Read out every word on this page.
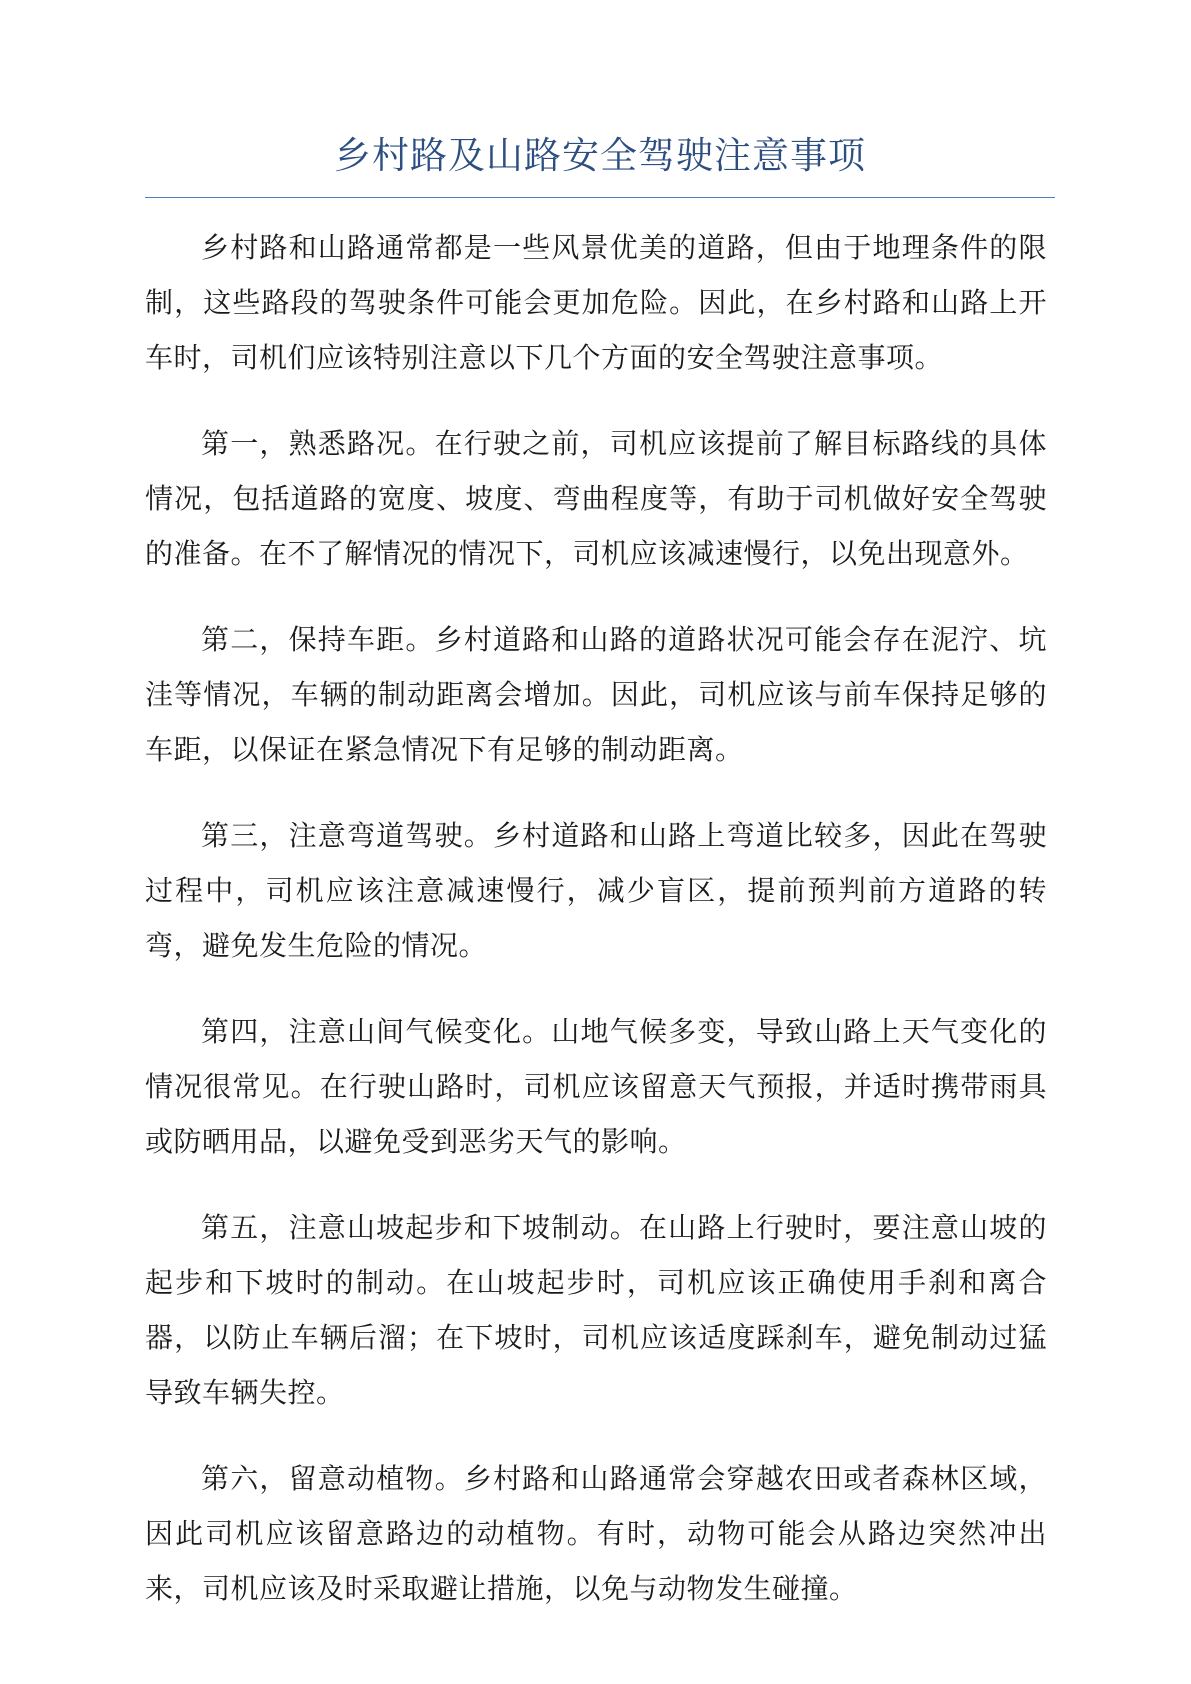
乡村路及山路安全驾驶注意事项

乡村路和山路通常都是一些风景优美的道路，但由于地理条件的限制，这些路段的驾驶条件可能会更加危险。因此，在乡村路和山路上开车时，司机们应该特别注意以下几个方面的安全驾驶注意事项。

第一，熟悉路况。在行驶之前，司机应该提前了解目标路线的具体情况，包括道路的宽度、坡度、弯曲程度等，有助于司机做好安全驾驶的准备。在不了解情况的情况下，司机应该减速慢行，以免出现意外。

第二，保持车距。乡村道路和山路的道路状况可能会存在泥泞、坑洼等情况，车辆的制动距离会增加。因此，司机应该与前车保持足够的车距，以保证在紧急情况下有足够的制动距离。

第三，注意弯道驾驶。乡村道路和山路上弯道比较多，因此在驾驶过程中，司机应该注意减速慢行，减少盲区，提前预判前方道路的转弯，避免发生危险的情况。

第四，注意山间气候变化。山地气候多变，导致山路上天气变化的情况很常见。在行驶山路时，司机应该留意天气预报，并适时携带雨具或防晒用品，以避免受到恶劣天气的影响。

第五，注意山坡起步和下坡制动。在山路上行驶时，要注意山坡的起步和下坡时的制动。在山坡起步时，司机应该正确使用手刹和离合器，以防止车辆后溜；在下坡时，司机应该适度踩刹车，避免制动过猛导致车辆失控。

第六，留意动植物。乡村路和山路通常会穿越农田或者森林区域，因此司机应该留意路边的动植物。有时，动物可能会从路边突然冲出来，司机应该及时采取避让措施，以免与动物发生碰撞。
